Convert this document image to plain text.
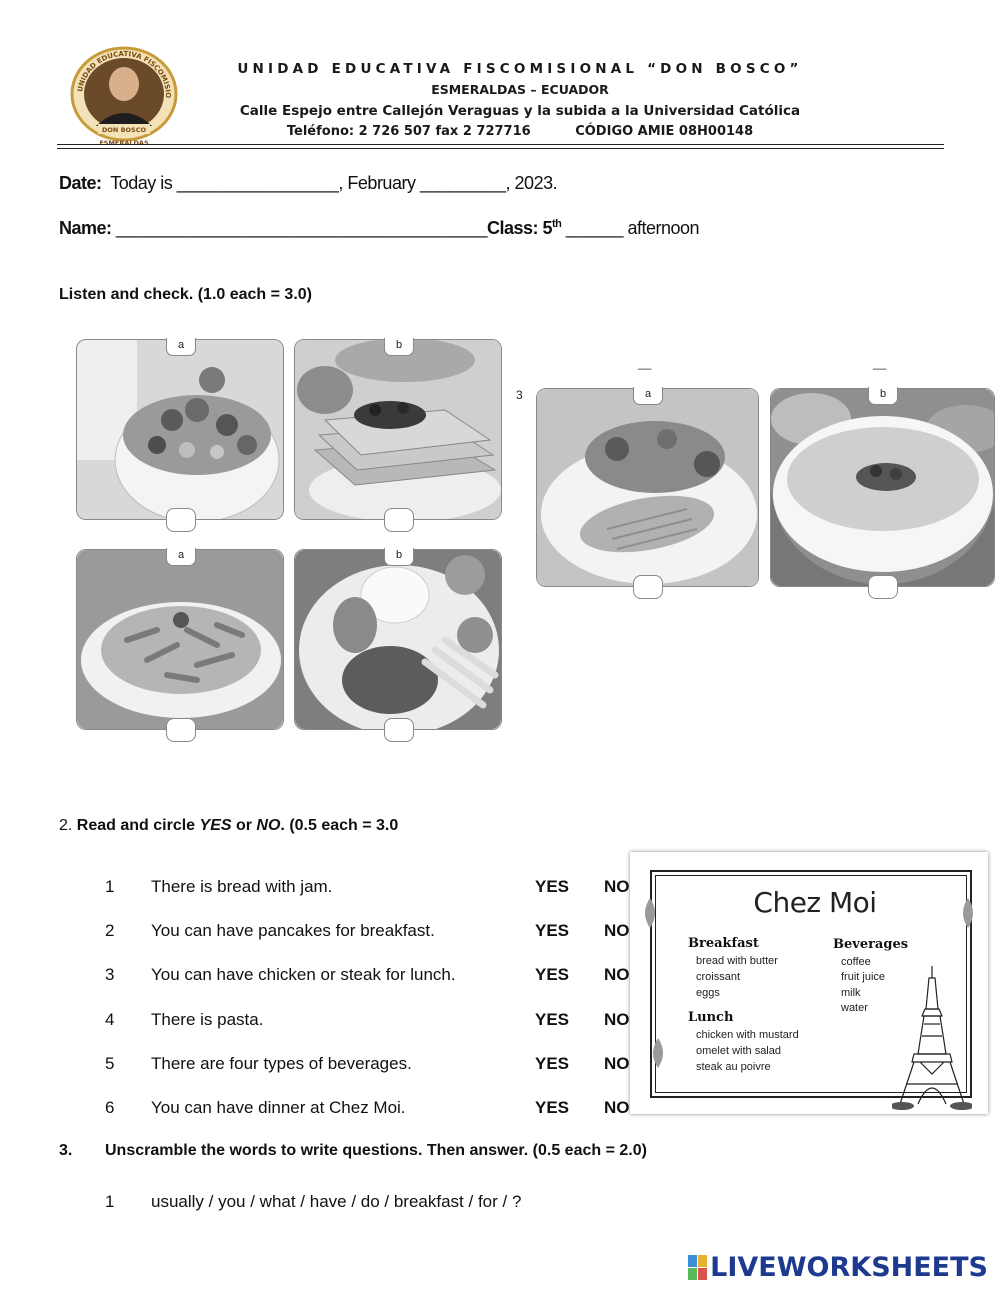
UNIDAD EDUCATIVA FISCOMISIO
DON BOSCO
ESMERALDAS
UNIDAD EDUCATIVA FISCOMISIONAL “DON BOSCO”
ESMERALDAS – ECUADOR
Calle Espejo entre Callejón Veraguas y la subida a la Universidad Católica
Teléfono: 2 726 507 fax 2 727716	CÓDIGO AMIE 08H00148
Date: Today is _________________, February _________, 2023.
Name: _______________________________________Class: 5th ______ afternoon
Listen and check. (1.0 each = 3.0)
a	b
a	b
3
__	__
a	b
2. Read and circle YES or NO. (0.5 each = 3.0
1 There is bread with jam.	YES NO
2 You can have pancakes for breakfast.	YES NO
3 You can have chicken or steak for lunch.	YES NO
4 There is pasta.	YES NO
5 There are four types of beverages.	YES NO
6 You can have dinner at Chez Moi.	YES NO
Chez Moi
Breakfast
bread with butter
croissant
eggs
Lunch
chicken with mustard
omelet with salad
steak au poivre
Beverages
coffee
fruit juice
milk
water
3. Unscramble the words to write questions. Then answer. (0.5 each = 2.0)
1 usually / you / what / have / do / breakfast / for / ?
LIVEWORKSHEETS
